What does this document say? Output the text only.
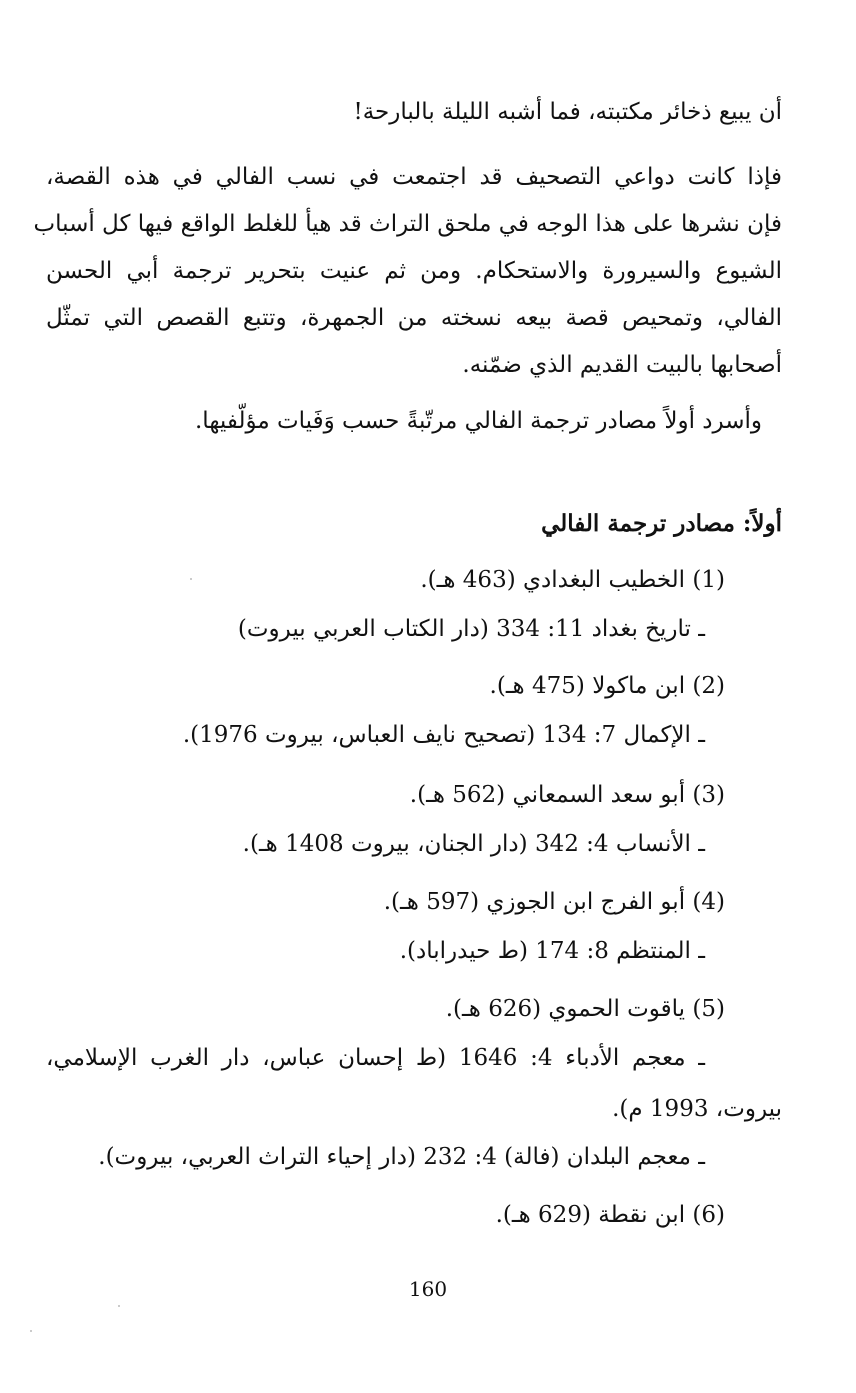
أن يبيع ذخائر مكتبته، فما أشبه الليلة بالبارحة!
فإذا كانت دواعي التصحيف قد اجتمعت في نسب الفالي في هذه القصة،
فإن نشرها على هذا الوجه في ملحق التراث قد هيأ للغلط الواقع فيها كل أسباب
الشيوع والسيرورة والاستحكام. ومن ثم عنيت بتحرير ترجمة أبي الحسن
الفالي، وتمحيص قصة بيعه نسخته من الجمهرة، وتتبع القصص التي تمثّل
أصحابها بالبيت القديم الذي ضمّنه.
وأسرد أولاً مصادر ترجمة الفالي مرتّبةً حسب وَفَيات مؤلّفيها.
أولاً: مصادر ترجمة الفالي
(1) الخطيب البغدادي (463 هـ).
ـ تاريخ بغداد 11: 334 (دار الكتاب العربي بيروت)
(2) ابن ماكولا (475 هـ).
ـ الإكمال 7: 134 (تصحيح نايف العباس، بيروت 1976).
(3) أبو سعد السمعاني (562 هـ).
ـ الأنساب 4: 342 (دار الجنان، بيروت 1408 هـ).
(4) أبو الفرج ابن الجوزي (597 هـ).
ـ المنتظم 8: 174 (ط حيدراباد).
(5) ياقوت الحموي (626 هـ).
ـ معجم الأدباء 4: 1646 (ط إحسان عباس، دار الغرب الإسلامي،
بيروت، 1993 م).
ـ معجم البلدان (فالة) 4: 232 (دار إحياء التراث العربي، بيروت).
(6) ابن نقطة (629 هـ).
160
